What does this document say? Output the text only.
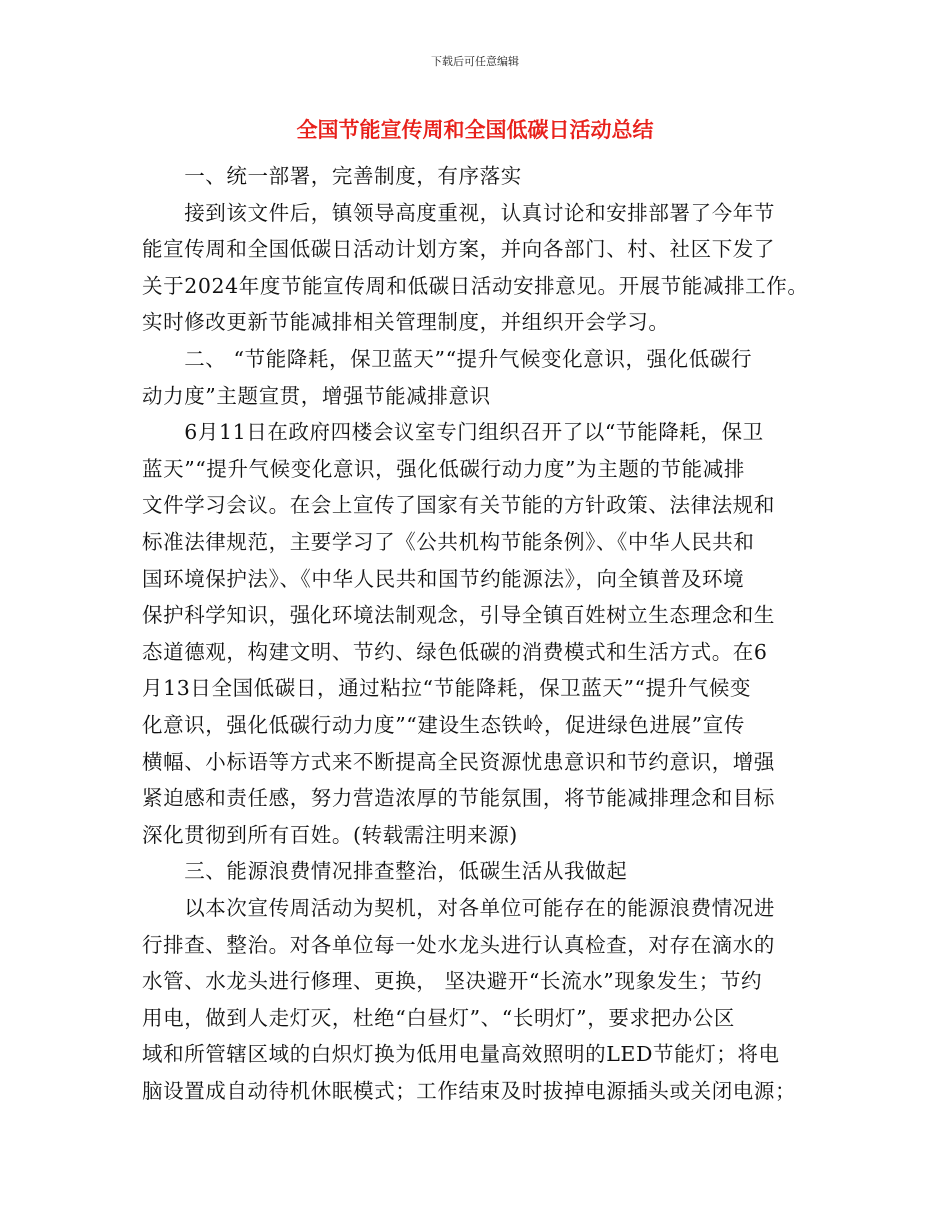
下载后可任意编辑
全国节能宣传周和全国低碳日活动总结
　　一、统一部署，完善制度，有序落实
　　接到该文件后，镇领导高度重视，认真讨论和安排部署了今年节
能宣传周和全国低碳日活动计划方案，并向各部门、村、社区下发了
关于2024年度节能宣传周和低碳日活动安排意见。开展节能减排工作。
实时修改更新节能减排相关管理制度，并组织开会学习。
　　二、 “节能降耗，保卫蓝天”“提升气候变化意识，强化低碳行
动力度”主题宣贯，增强节能减排意识
　　6月11日在政府四楼会议室专门组织召开了以“节能降耗，保卫
蓝天”“提升气候变化意识，强化低碳行动力度”为主题的节能减排
文件学习会议。在会上宣传了国家有关节能的方针政策、法律法规和
标准法律规范，主要学习了《公共机构节能条例》、《中华人民共和
国环境保护法》、《中华人民共和国节约能源法》，向全镇普及环境
保护科学知识，强化环境法制观念，引导全镇百姓树立生态理念和生
态道德观，构建文明、节约、绿色低碳的消费模式和生活方式。在6
月13日全国低碳日，通过粘拉“节能降耗，保卫蓝天”“提升气候变
化意识，强化低碳行动力度”“建设生态铁岭，促进绿色进展”宣传
横幅、小标语等方式来不断提高全民资源忧患意识和节约意识，增强
紧迫感和责任感，努力营造浓厚的节能氛围，将节能减排理念和目标
深化贯彻到所有百姓。(转载需注明来源)
　　三、能源浪费情况排查整治，低碳生活从我做起
　　以本次宣传周活动为契机，对各单位可能存在的能源浪费情况进
行排查、整治。对各单位每一处水龙头进行认真检查，对存在滴水的
水管、水龙头进行修理、更换， 坚决避开“长流水”现象发生；节约
用电，做到人走灯灭，杜绝“白昼灯”、“长明灯”，要求把办公区
域和所管辖区域的白炽灯换为低用电量高效照明的LED节能灯；将电
脑设置成自动待机休眠模式；工作结束及时拔掉电源插头或关闭电源；
